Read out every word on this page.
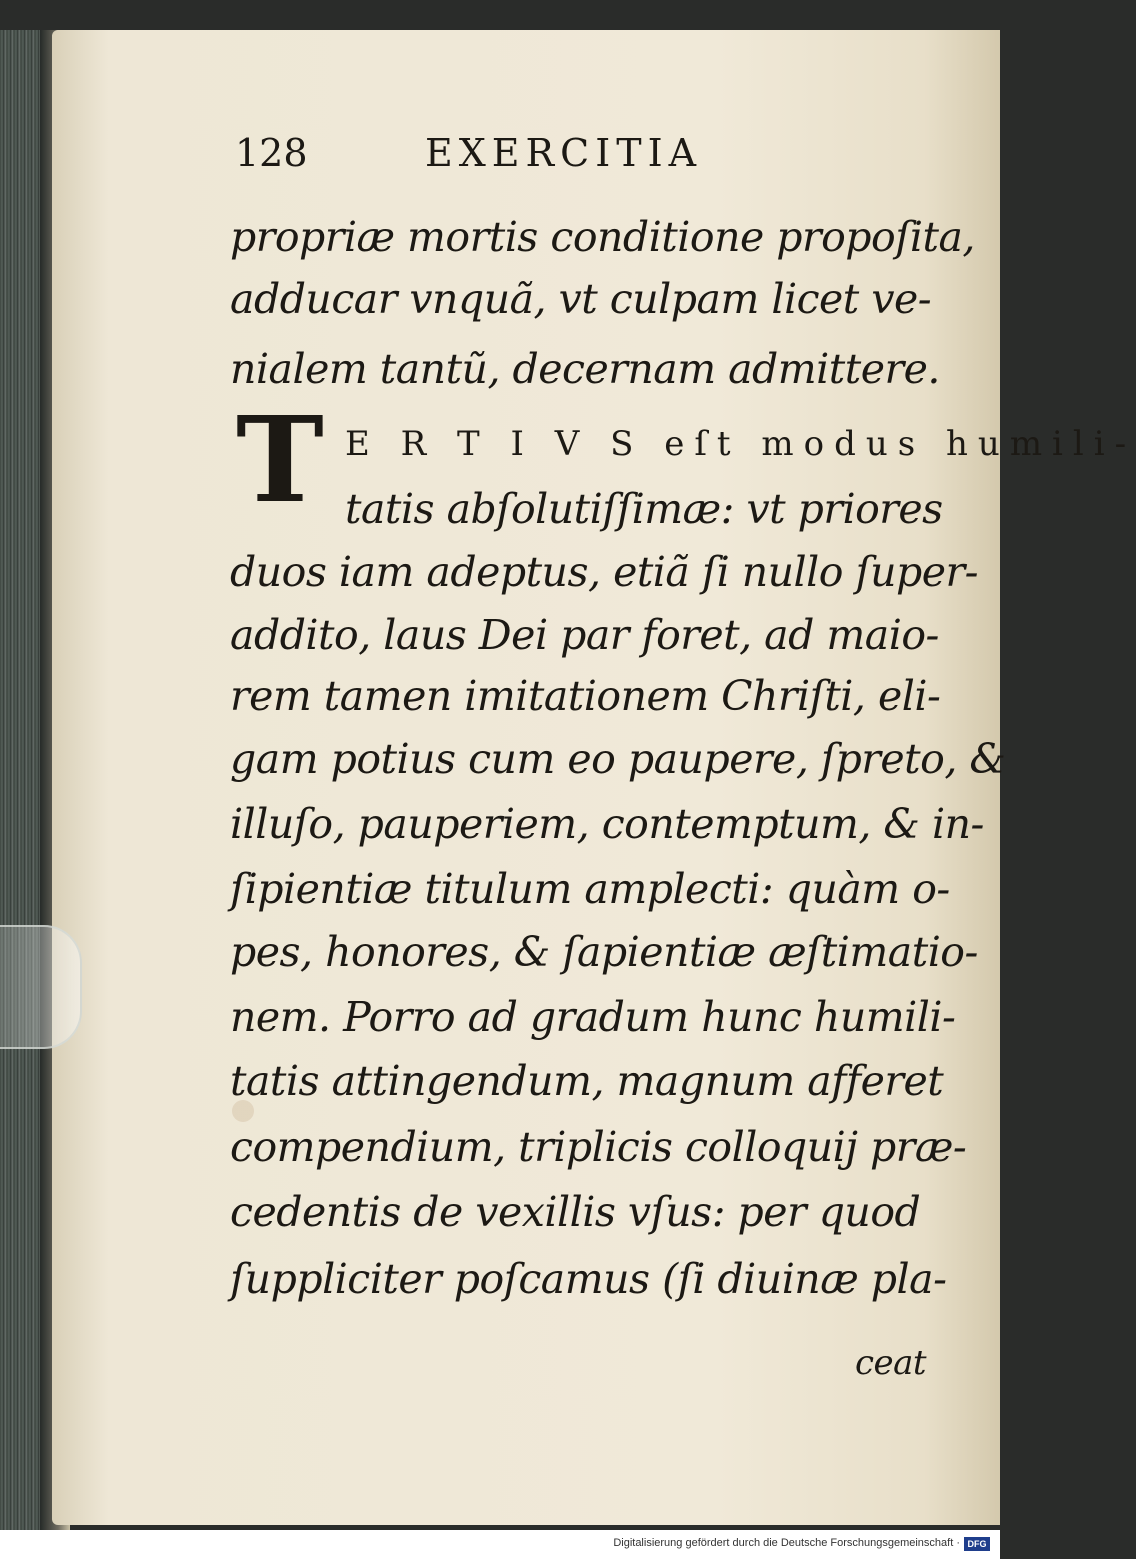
128	EXERCITIA
propriæ mortis conditione propoſita,
adducar vnquã, vt culpam licet ve-
nialem tantũ, decernam admittere.
T E R T I V S eſt modus humili-
tatis abſolutiſſimæ: vt priores
duos iam adeptus, etiã ſi nullo ſuper-
addito, laus Dei par foret, ad maio-
rem tamen imitationem Chriſti, eli-
gam potius cum eo paupere, ſpreto, &
illuſo, pauperiem, contemptum, & in-
ſipientiæ titulum amplecti: quàm o-
pes, honores, & ſapientiæ æſtimatio-
nem. Porro ad gradum hunc humili-
tatis attingendum, magnum afferet
compendium, triplicis colloquij præ-
cedentis de vexillis vſus: per quod
ſuppliciter poſcamus (ſi diuinæ pla-
ceat
Digitalisierung gefördert durch die Deutsche Forschungsgemeinschaft · DFG
